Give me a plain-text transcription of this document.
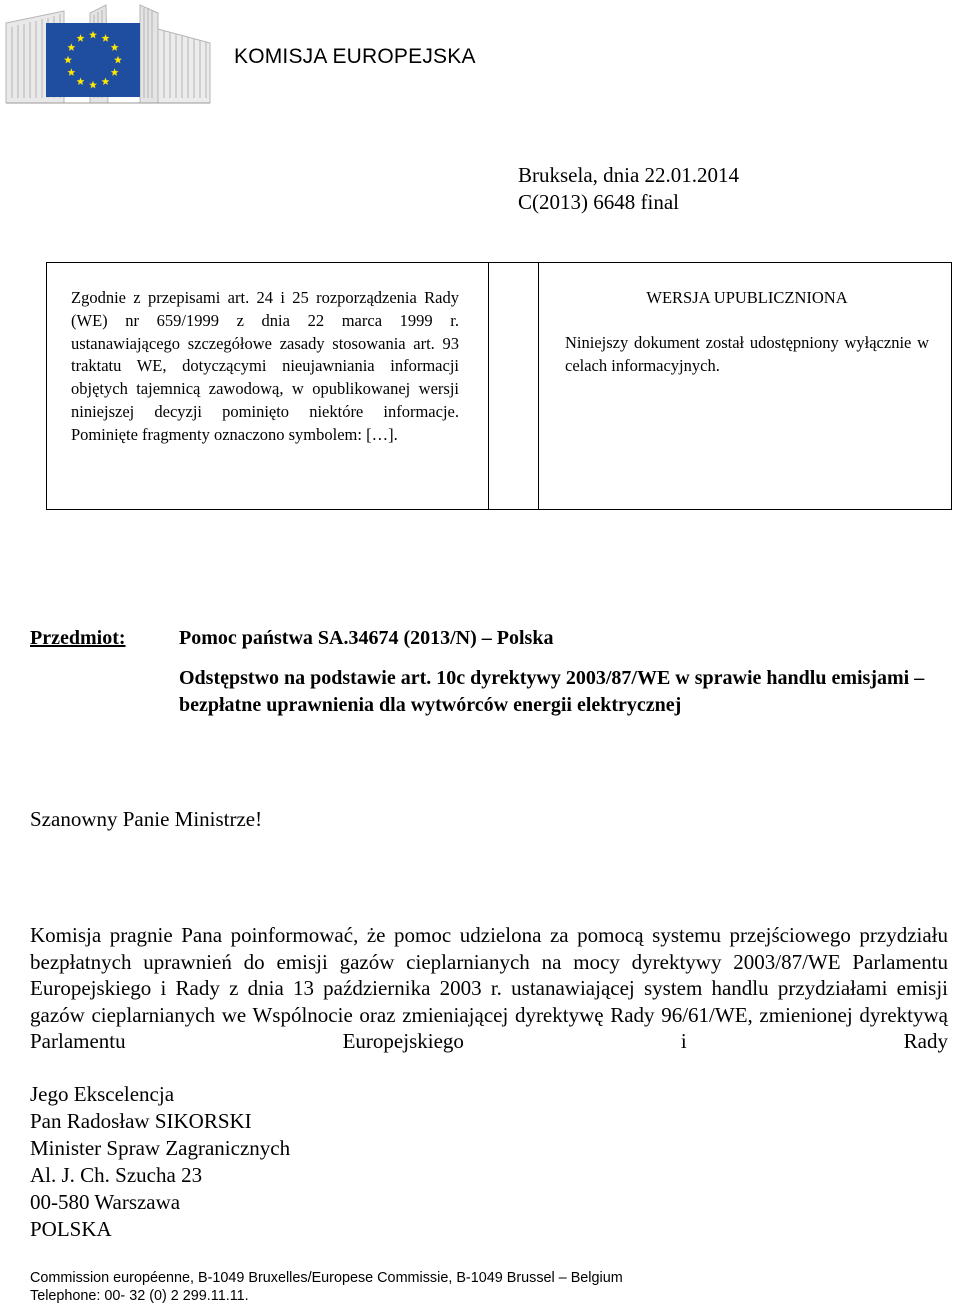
KOMISJA EUROPEJSKA
Bruksela, dnia 22.01.2014
C(2013) 6648 final
Zgodnie z przepisami art. 24 i 25 rozporządzenia Rady (WE) nr 659/1999 z dnia 22 marca 1999 r. ustanawiającego szczegółowe zasady stosowania art. 93 traktatu WE, dotyczącymi nieujawniania informacji objętych tajemnicą zawodową, w opublikowanej wersji niniejszej decyzji pominięto niektóre informacje. Pominięte fragmenty oznaczono symbolem: […].

WERSJA UPUBLICZNIONA

Niniejszy dokument został udostępniony wyłącznie w celach informacyjnych.

Przedmiot:	Pomoc państwa SA.34674 (2013/N) – Polska
Odstępstwo na podstawie art. 10c dyrektywy 2003/87/WE w sprawie handlu emisjami – bezpłatne uprawnienia dla wytwórców energii elektrycznej
Szanowny Panie Ministrze!
Komisja pragnie Pana poinformować, że pomoc udzielona za pomocą systemu przejściowego przydziału bezpłatnych uprawnień do emisji gazów cieplarnianych na mocy dyrektywy 2003/87/WE Parlamentu Europejskiego i Rady z dnia 13 października 2003 r. ustanawiającej system handlu przydziałami emisji gazów cieplarnianych we Wspólnocie oraz zmieniającej dyrektywę Rady 96/61/WE, zmienionej dyrektywą Parlamentu Europejskiego i Rady
Jego Ekscelencja
Pan Radosław SIKORSKI
Minister Spraw Zagranicznych
Al. J. Ch. Szucha 23
00-580 Warszawa
POLSKA
Commission européenne, B-1049 Bruxelles/Europese Commissie, B-1049 Brussel – Belgium
Telephone: 00- 32 (0) 2 299.11.11.
